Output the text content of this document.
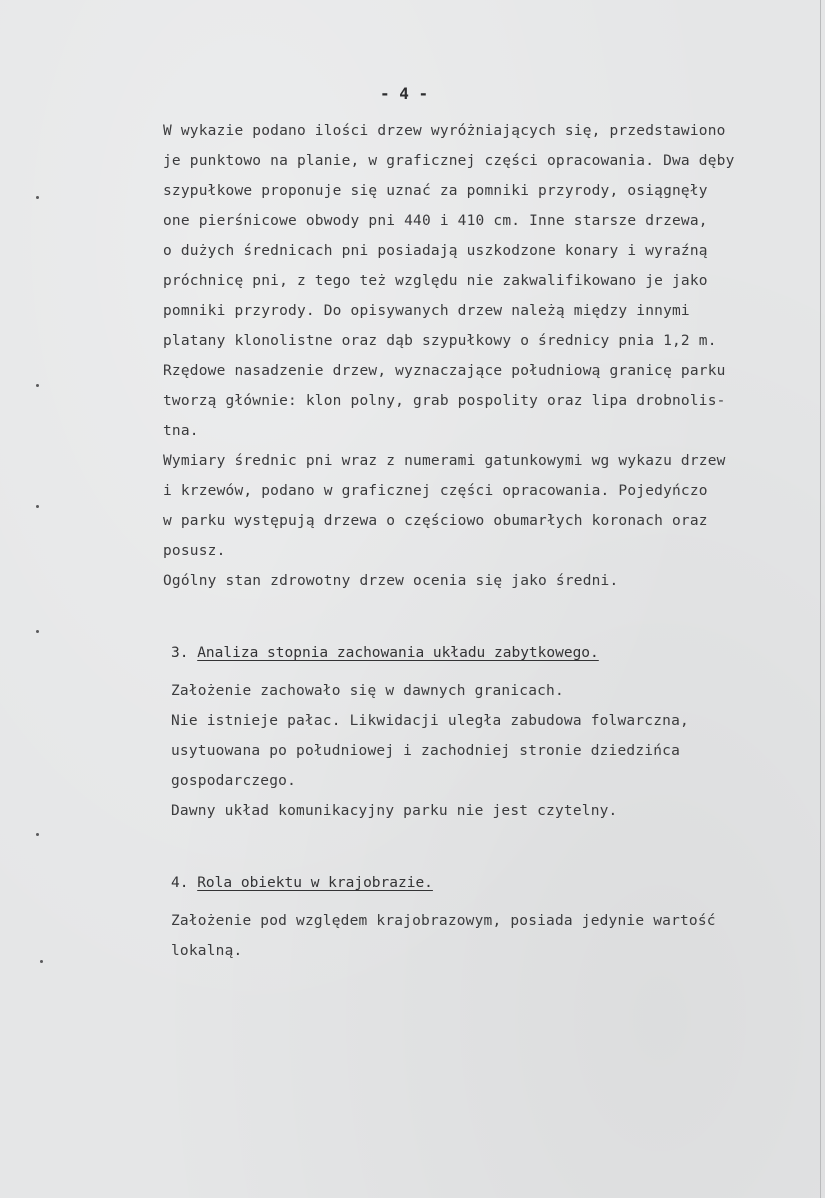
- 4 -
W wykazie podano ilości drzew wyróżniających się, przedstawiono
je punktowo na planie, w graficznej części opracowania. Dwa dęby
szypułkowe proponuje się uznać za pomniki przyrody, osiągnęły
one pierśnicowe obwody pni 440 i 410 cm. Inne starsze drzewa,
o dużych średnicach pni posiadają uszkodzone konary i wyraźną
próchnicę pni, z tego też względu nie zakwalifikowano je jako
pomniki przyrody. Do opisywanych drzew należą między innymi
platany klonolistne oraz dąb szypułkowy o średnicy pnia 1,2 m.
Rzędowe nasadzenie drzew, wyznaczające południową granicę parku
tworzą głównie: klon polny, grab pospolity oraz lipa drobnolis-
tna.
Wymiary średnic pni wraz z numerami gatunkowymi wg wykazu drzew
i krzewów, podano w graficznej części opracowania. Pojedyńczo
w parku występują drzewa o częściowo obumarłych koronach oraz
posusz.
Ogólny stan zdrowotny drzew ocenia się jako średni.
3. Analiza stopnia zachowania układu zabytkowego.
Założenie zachowało się w dawnych granicach.
Nie istnieje pałac. Likwidacji uległa zabudowa folwarczna,
usytuowana po południowej i zachodniej stronie dziedzińca
gospodarczego.
Dawny układ komunikacyjny parku nie jest czytelny.
4. Rola obiektu w krajobrazie.
Założenie pod względem krajobrazowym, posiada jedynie wartość
lokalną.
